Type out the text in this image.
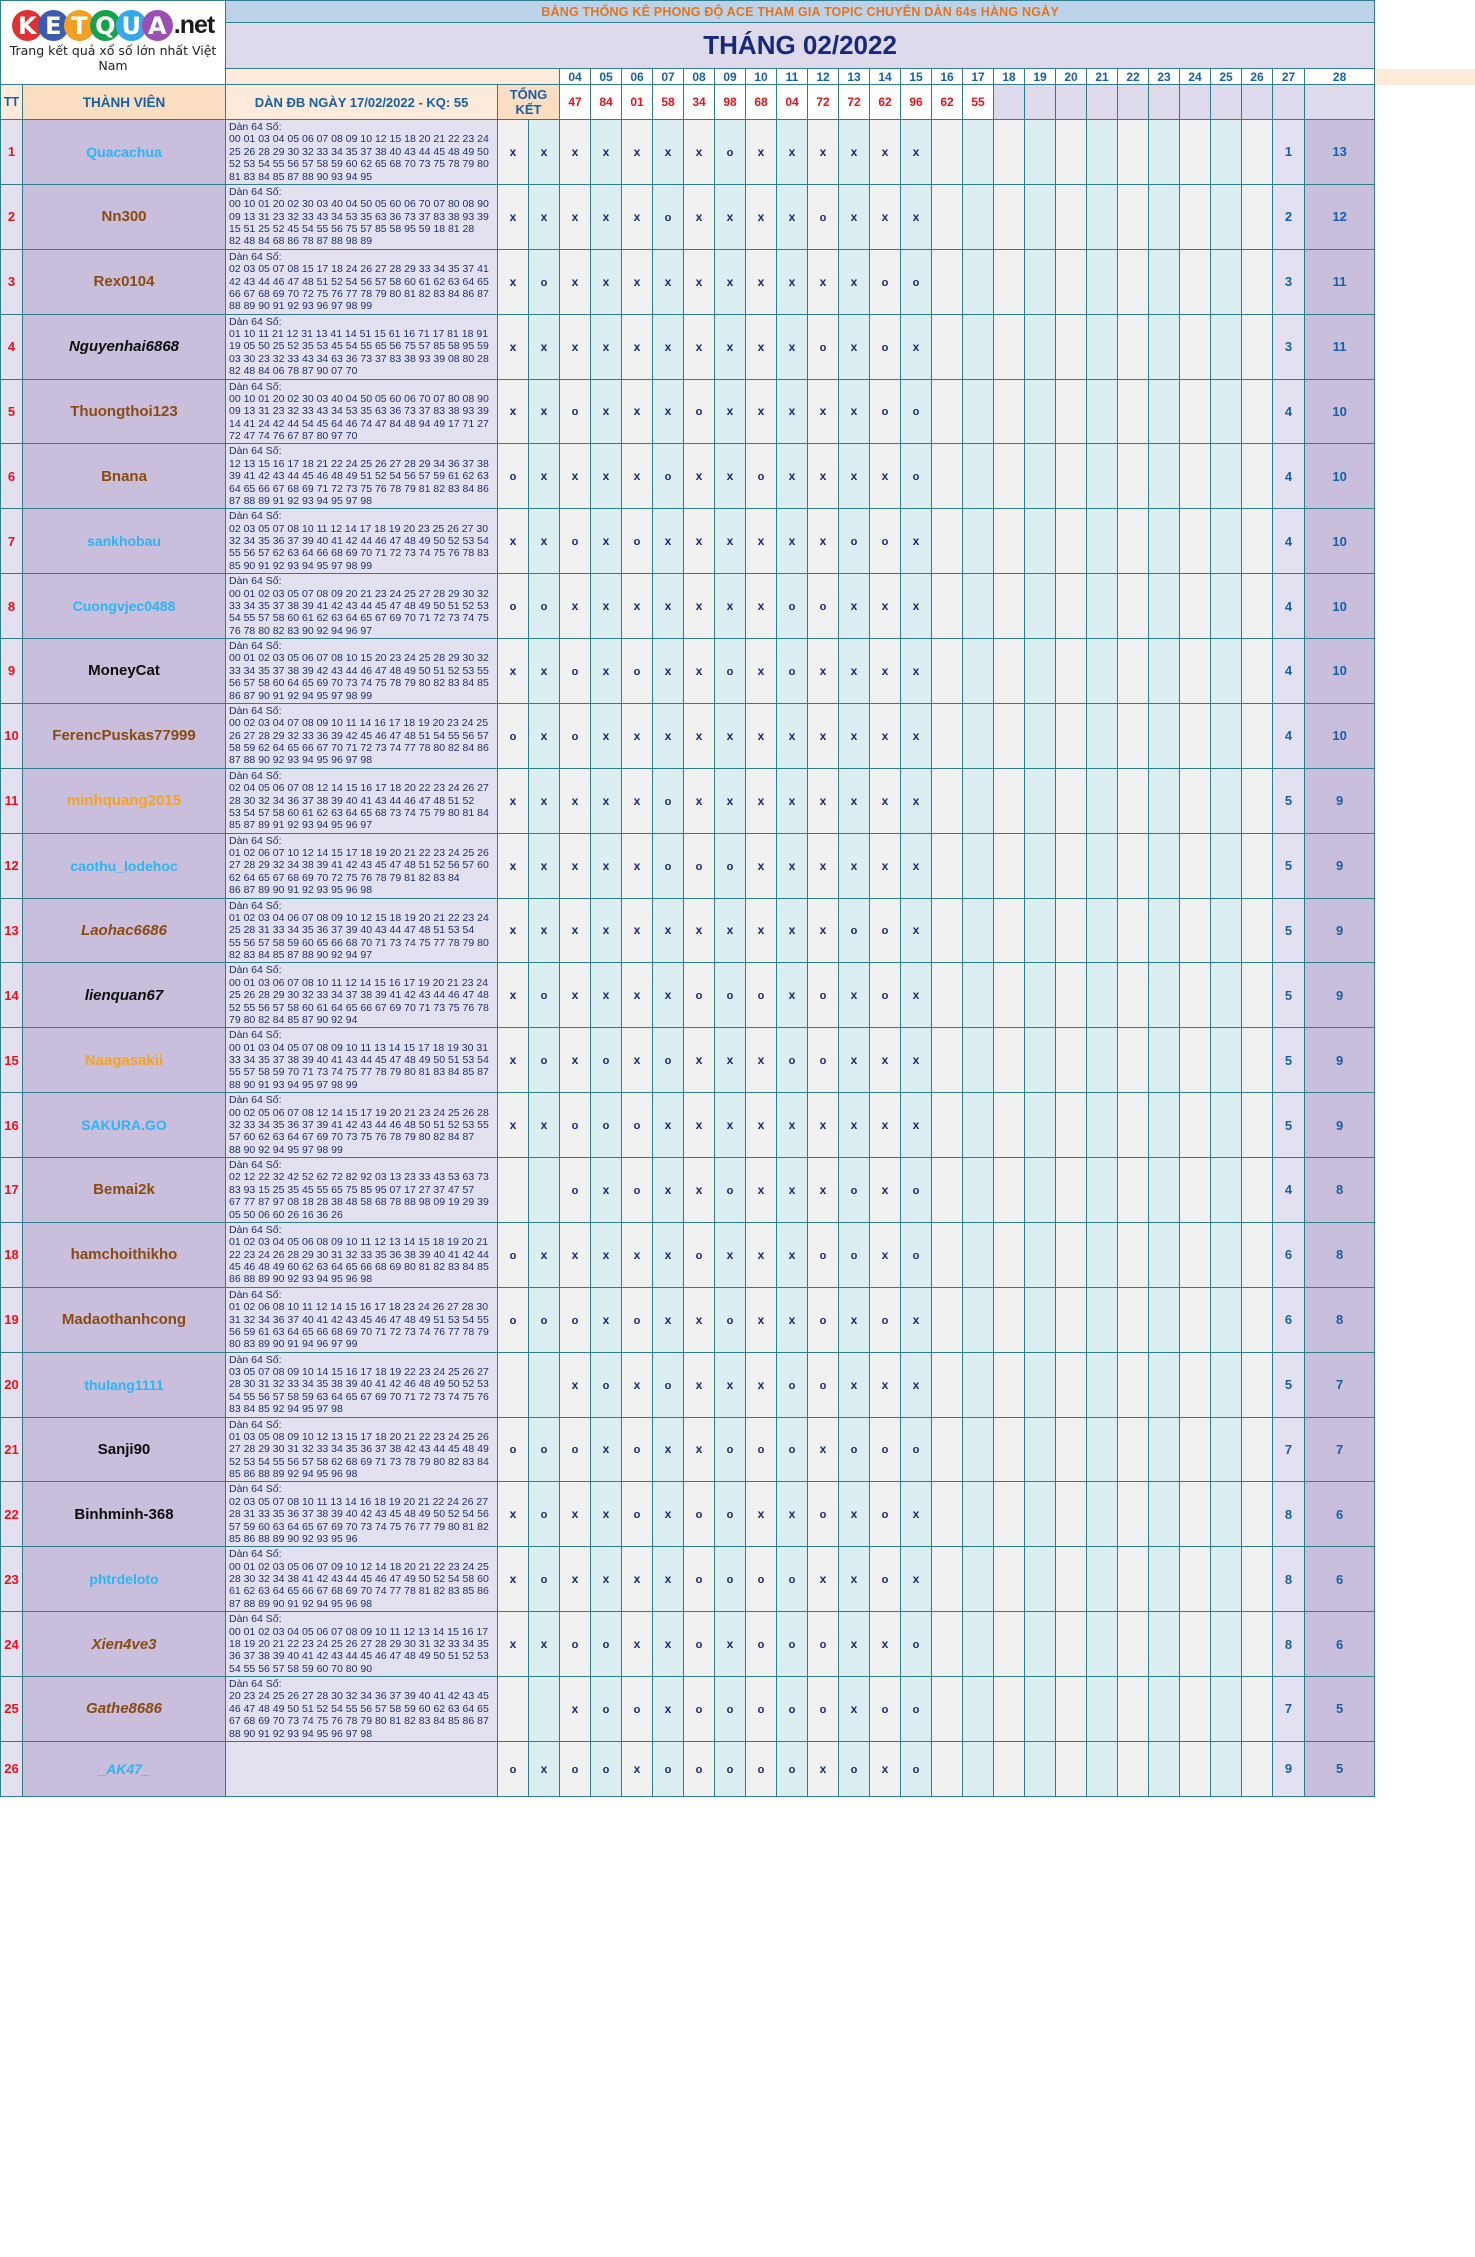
K E T Q U A .net
Trang kết quả xổ số lớn nhất Việt Nam
	BẢNG THỐNG KÊ PHONG ĐỘ ACE THAM GIA TOPIC CHUYÊN DÀN 64s HÀNG NGÀY
		THÁNG 02/2022																												
					04	05	06	07	08	09	10	11	12	13	14	15	16	17	18	19	20	21	22	23	24	25	26	27	28	
TT	THÀNH VIÊN	DÀN ĐB NGÀY 17/02/2022 - KQ: 55	TỔNG KẾT																											
					47	84	01	58	34	98	68	04	72	72	62	96	62	55												
1	Quacachua	Dàn 64 Số:
00 01 03 04 05 06 07 08 09 10 12 15 18 20 21 22 23 24
25 26 28 29 30 32 33 34 35 37 38 40 43 44 45 48 49 50
52 53 54 55 56 57 58 59 60 62 65 68 70 73 75 78 79 80
81 83 84 85 87 88 90 93 94 95	x	x	x	x	x	x	x	o	x	x	x	x	x	x												1	13	
2	Nn300	Dàn 64 Số:
00 10 01 20 02 30 03 40 04 50 05 60 06 70 07 80 08 90
09 13 31 23 32 33 43 34 53 35 63 36 73 37 83 38 93 39
15 51 25 52 45 54 55 56 75 57 85 58 95 59 18 81 28
82 48 84 68 86 78 87 88 98 89	x	x	x	x	x	o	x	x	x	x	o	x	x	x												2	12	
3	Rex0104	Dàn 64 Số:
02 03 05 07 08 15 17 18 24 26 27 28 29 33 34 35 37 41
42 43 44 46 47 48 51 52 54 56 57 58 60 61 62 63 64 65
66 67 68 69 70 72 75 76 77 78 79 80 81 82 83 84 86 87
88 89 90 91 92 93 96 97 98 99	x	o	x	x	x	x	x	x	x	x	x	x	o	o												3	11	
4	Nguyenhai6868	Dàn 64 Số:
01 10 11 21 12 31 13 41 14 51 15 61 16 71 17 81 18 91
19 05 50 25 52 35 53 45 54 55 65 56 75 57 85 58 95 59
03 30 23 32 33 43 34 63 36 73 37 83 38 93 39 08 80 28
82 48 84 06 78 87 90 07 70	x	x	x	x	x	x	x	x	x	x	o	x	o	x												3	11	
5	Thuongthoi123	Dàn 64 Số:
00 10 01 20 02 30 03 40 04 50 05 60 06 70 07 80 08 90
09 13 31 23 32 33 43 34 53 35 63 36 73 37 83 38 93 39
14 41 24 42 44 54 45 64 46 74 47 84 48 94 49 17 71 27
72 47 74 76 67 87 80 97 70	x	x	o	x	x	x	o	x	x	x	x	x	o	o												4	10	
6	Bnana	Dàn 64 Số:
12 13 15 16 17 18 21 22 24 25 26 27 28 29 34 36 37 38
39 41 42 43 44 45 46 48 49 51 52 54 56 57 59 61 62 63
64 65 66 67 68 69 71 72 73 75 76 78 79 81 82 83 84 86
87 88 89 91 92 93 94 95 97 98	o	x	x	x	x	o	x	x	o	x	x	x	x	o												4	10	
7	sankhobau	Dàn 64 Số:
02 03 05 07 08 10 11 12 14 17 18 19 20 23 25 26 27 30
32 34 35 36 37 39 40 41 42 44 46 47 48 49 50 52 53 54
55 56 57 62 63 64 66 68 69 70 71 72 73 74 75 76 78 83
85 90 91 92 93 94 95 97 98 99	x	x	o	x	o	x	x	x	x	x	x	o	o	x												4	10	
8	Cuongvjec0488	Dàn 64 Số:
00 01 02 03 05 07 08 09 20 21 23 24 25 27 28 29 30 32
33 34 35 37 38 39 41 42 43 44 45 47 48 49 50 51 52 53
54 55 57 58 60 61 62 63 64 65 67 69 70 71 72 73 74 75
76 78 80 82 83 90 92 94 96 97	o	o	x	x	x	x	x	x	x	o	o	x	x	x												4	10	
9	MoneyCat	Dàn 64 Số:
00 01 02 03 05 06 07 08 10 15 20 23 24 25 28 29 30 32
33 34 35 37 38 39 42 43 44 46 47 48 49 50 51 52 53 55
56 57 58 60 64 65 69 70 73 74 75 78 79 80 82 83 84 85
86 87 90 91 92 94 95 97 98 99	x	x	o	x	o	x	x	o	x	o	x	x	x	x												4	10	
10	FerencPuskas77999	Dàn 64 Số:
00 02 03 04 07 08 09 10 11 14 16 17 18 19 20 23 24 25
26 27 28 29 32 33 36 39 42 45 46 47 48 51 54 55 56 57
58 59 62 64 65 66 67 70 71 72 73 74 77 78 80 82 84 86
87 88 90 92 93 94 95 96 97 98	o	x	o	x	x	x	x	x	x	x	x	x	x	x												4	10	
11	minhquang2015	Dàn 64 Số:
02 04 05 06 07 08 12 14 15 16 17 18 20 22 23 24 26 27
28 30 32 34 36 37 38 39 40 41 43 44 46 47 48 51 52
53 54 57 58 60 61 62 63 64 65 68 73 74 75 79 80 81 84
85 87 89 91 92 93 94 95 96 97	x	x	x	x	x	o	x	x	x	x	x	x	x	x												5	9	
12	caothu_lodehoc	Dàn 64 Số:
01 02 06 07 10 12 14 15 17 18 19 20 21 22 23 24 25 26
27 28 29 32 34 38 39 41 42 43 45 47 48 51 52 56 57 60
62 64 65 67 68 69 70 72 75 76 78 79 81 82 83 84
86 87 89 90 91 92 93 95 96 98	x	x	x	x	x	o	o	o	x	x	x	x	x	x												5	9	
13	Laohac6686	Dàn 64 Số:
01 02 03 04 06 07 08 09 10 12 15 18 19 20 21 22 23 24
25 28 31 33 34 35 36 37 39 40 43 44 47 48 51 53 54
55 56 57 58 59 60 65 66 68 70 71 73 74 75 77 78 79 80
82 83 84 85 87 88 90 92 94 97	x	x	x	x	x	x	x	x	x	x	x	o	o	x												5	9	
14	lienquan67	Dàn 64 Số:
00 01 03 06 07 08 10 11 12 14 15 16 17 19 20 21 23 24
25 26 28 29 30 32 33 34 37 38 39 41 42 43 44 46 47 48
52 55 56 57 58 60 61 64 65 66 67 69 70 71 73 75 76 78
79 80 82 84 85 87 90 92 94	x	o	x	x	x	x	o	o	o	x	o	x	o	x												5	9	
15	Naagasakii	Dàn 64 Số:
00 01 03 04 05 07 08 09 10 11 13 14 15 17 18 19 30 31
33 34 35 37 38 39 40 41 43 44 45 47 48 49 50 51 53 54
55 57 58 59 70 71 73 74 75 77 78 79 80 81 83 84 85 87
88 90 91 93 94 95 97 98 99	x	o	x	o	x	o	x	x	x	o	o	x	x	x												5	9	
16	SAKURA.GO	Dàn 64 Số:
00 02 05 06 07 08 12 14 15 17 19 20 21 23 24 25 26 28
32 33 34 35 36 37 39 41 42 43 44 46 48 50 51 52 53 55
57 60 62 63 64 67 69 70 73 75 76 78 79 80 82 84 87
88 90 92 94 95 97 98 99	x	x	o	o	o	x	x	x	x	x	x	x	x	x												5	9	
17	Bemai2k	Dàn 64 Số:
02 12 22 32 42 52 62 72 82 92 03 13 23 33 43 53 63 73
83 93 15 25 35 45 55 65 75 85 95 07 17 27 37 47 57
67 77 87 97 08 18 28 38 48 58 68 78 88 98 09 19 29 39
05 50 06 60 26 16 36 26			o	x	o	x	x	o	x	x	x	o	x	o												4	8	
18	hamchoithikho	Dàn 64 Số:
01 02 03 04 05 06 08 09 10 11 12 13 14 15 18 19 20 21
22 23 24 26 28 29 30 31 32 33 35 36 38 39 40 41 42 44
45 46 48 49 60 62 63 64 65 66 68 69 80 81 82 83 84 85
86 88 89 90 92 93 94 95 96 98	o	x	x	x	x	x	o	x	x	x	o	o	x	o												6	8	
19	Madaothanhcong	Dàn 64 Số:
01 02 06 08 10 11 12 14 15 16 17 18 23 24 26 27 28 30
31 32 34 36 37 40 41 42 43 45 46 47 48 49 51 53 54 55
56 59 61 63 64 65 66 68 69 70 71 72 73 74 76 77 78 79
80 83 89 90 91 94 96 97 99	o	o	o	x	o	x	x	o	x	x	o	x	o	x												6	8	
20	thulang1111	Dàn 64 Số:
03 05 07 08 09 10 14 15 16 17 18 19 22 23 24 25 26 27
28 30 31 32 33 34 35 38 39 40 41 42 46 48 49 50 52 53
54 55 56 57 58 59 63 64 65 67 69 70 71 72 73 74 75 76
83 84 85 92 94 95 97 98			x	o	x	o	x	x	x	o	o	x	x	x												5	7	
21	Sanji90	Dàn 64 Số:
01 03 05 08 09 10 12 13 15 17 18 20 21 22 23 24 25 26
27 28 29 30 31 32 33 34 35 36 37 38 42 43 44 45 48 49
52 53 54 55 56 57 58 62 68 69 71 73 78 79 80 82 83 84
85 86 88 89 92 94 95 96 98	o	o	o	x	o	x	x	o	o	o	x	o	o	o												7	7	
22	Binhminh-368	Dàn 64 Số:
02 03 05 07 08 10 11 13 14 16 18 19 20 21 22 24 26 27
28 31 33 35 36 37 38 39 40 42 43 45 48 49 50 52 54 56
57 59 60 63 64 65 67 69 70 73 74 75 76 77 79 80 81 82
85 86 88 89 90 92 93 95 96	x	o	x	x	o	x	o	o	x	x	o	x	o	x												8	6	
23	phtrdeloto	Dàn 64 Số:
00 01 02 03 05 06 07 09 10 12 14 18 20 21 22 23 24 25
28 30 32 34 38 41 42 43 44 45 46 47 49 50 52 54 58 60
61 62 63 64 65 66 67 68 69 70 74 77 78 81 82 83 85 86
87 88 89 90 91 92 94 95 96 98	x	o	x	x	x	x	o	o	o	o	x	x	o	x												8	6	
24	Xien4ve3	Dàn 64 Số:
00 01 02 03 04 05 06 07 08 09 10 11 12 13 14 15 16 17
18 19 20 21 22 23 24 25 26 27 28 29 30 31 32 33 34 35
36 37 38 39 40 41 42 43 44 45 46 47 48 49 50 51 52 53
54 55 56 57 58 59 60 70 80 90	x	x	o	o	x	x	o	x	o	o	o	x	x	o												8	6	
25	Gathe8686	Dàn 64 Số:
20 23 24 25 26 27 28 30 32 34 36 37 39 40 41 42 43 45
46 47 48 49 50 51 52 54 55 56 57 58 59 60 62 63 64 65
67 68 69 70 73 74 75 76 78 79 80 81 82 83 84 85 86 87
88 90 91 92 93 94 95 96 97 98			x	o	o	x	o	o	o	o	o	x	o	o												7	5	
26	_AK47_		o	x	o	o	x	o	o	o	o	o	x	o	x	o												9	5	
